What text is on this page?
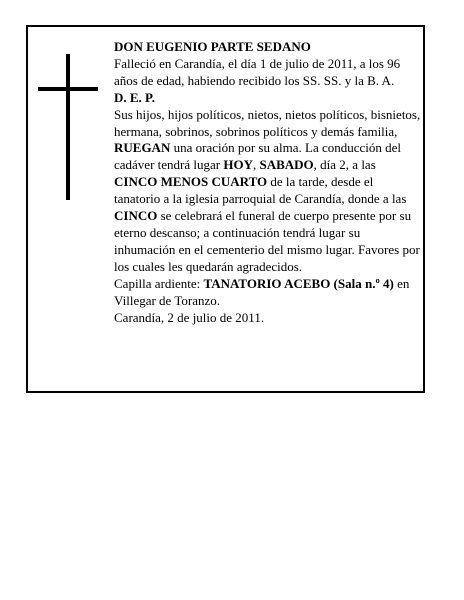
DON EUGENIO PARTE SEDANO

Falleció en Carandía, el día 1 de julio de 2011, a los 96 años de edad, habiendo recibido los SS. SS. y la B. A.

D. E. P.

Sus hijos, hijos políticos, nietos, nietos políticos, bisnietos, hermana, sobrinos, sobrinos políticos y demás familia,

RUEGAN una oración por su alma. La conducción del cadáver tendrá lugar HOY, SABADO, día 2, a las CINCO MENOS CUARTO de la tarde, desde el tanatorio a la iglesia parroquial de Carandía, donde a las CINCO se celebrará el funeral de cuerpo presente por su eterno descanso; a continuación tendrá lugar su inhumación en el cementerio del mismo lugar. Favores por los cuales les quedarán agradecidos.

Capilla ardiente: TANATORIO ACEBO (Sala n.º 4) en Villegar de Toranzo.

Carandía, 2 de julio de 2011.
